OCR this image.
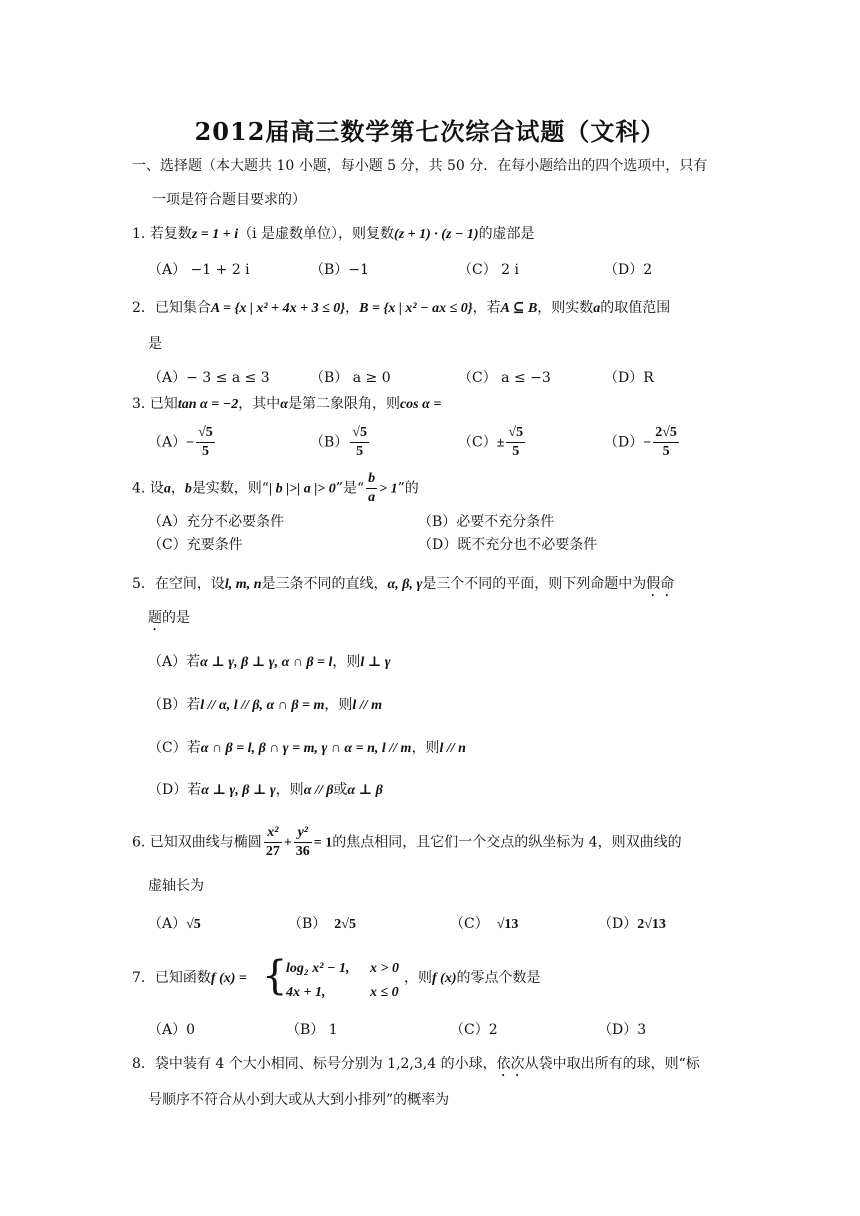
2012届高三数学第七次综合试题（文科）
一、选择题（本大题共 10 小题，每小题 5 分，共 50 分．在每小题给出的四个选项中，只有
一项是符合题目要求的）
1. 若复数z = 1 + i（i 是虚数单位），则复数(z + 1) · (z − 1)的虚部是
（A） −1 + 2 i	（B）−1	（C） 2 i	（D）2
2．已知集合A = {x | x² + 4x + 3 ≤ 0}，B = {x | x² − ax ≤ 0}，若A ⊆ B，则实数a的取值范围
是
（A）− 3 ≤ a ≤ 3	（B） a ≥ 0	（C） a ≤ −3	（D）R
3. 已知tan α = −2，其中α是第二象限角，则cos α =
$(A)- \frac{√5}{5}$	$(B) \frac{√5}{5}$	$(C)\pm \frac{√5}{5}$	$(D)- \frac{2√5}{5}$
4. 设a，b是实数，则“| b |>| a |> 0”是“ $\frac{b}{a} > 1$”的
（A）充分不必要条件	（B）必要不充分条件
（C）充要条件	（D）既不充分也不必要条件
5．在空间，设l, m, n是三条不同的直线，α, β, γ是三个不同的平面，则下列命题中为假命
题的是
（A）若α ⊥ γ, β ⊥ γ, α ∩ β = l，则l ⊥ γ
（B）若l // α, l // β, α ∩ β = m，则l // m
（C）若α ∩ β = l, β ∩ γ = m, γ ∩ α = n, l // m，则l // n
（D）若α ⊥ γ, β ⊥ γ，则α // β或α ⊥ β
6. 已知双曲线与椭圆 $\frac{\text{x²}}{27} + \frac{\text{y²}}{36} = 1$的焦点相同，且它们一个交点的纵坐标为 4，则双曲线的
虚轴长为
（A）√5	（B） 2√5	（C） √13	（D）2√13
7．已知函数f (x) = {
log₂ x² − 1, x > 0
4x + 1,	x ≤ 0
，则f (x)的零点个数是
（A）0	（B） 1	（C）2	（D）3
8．袋中装有 4 个大小相同、标号分别为 1,2,3,4 的小球，依次从袋中取出所有的球，则“标
号顺序不符合从小到大或从大到小排列”的概率为
